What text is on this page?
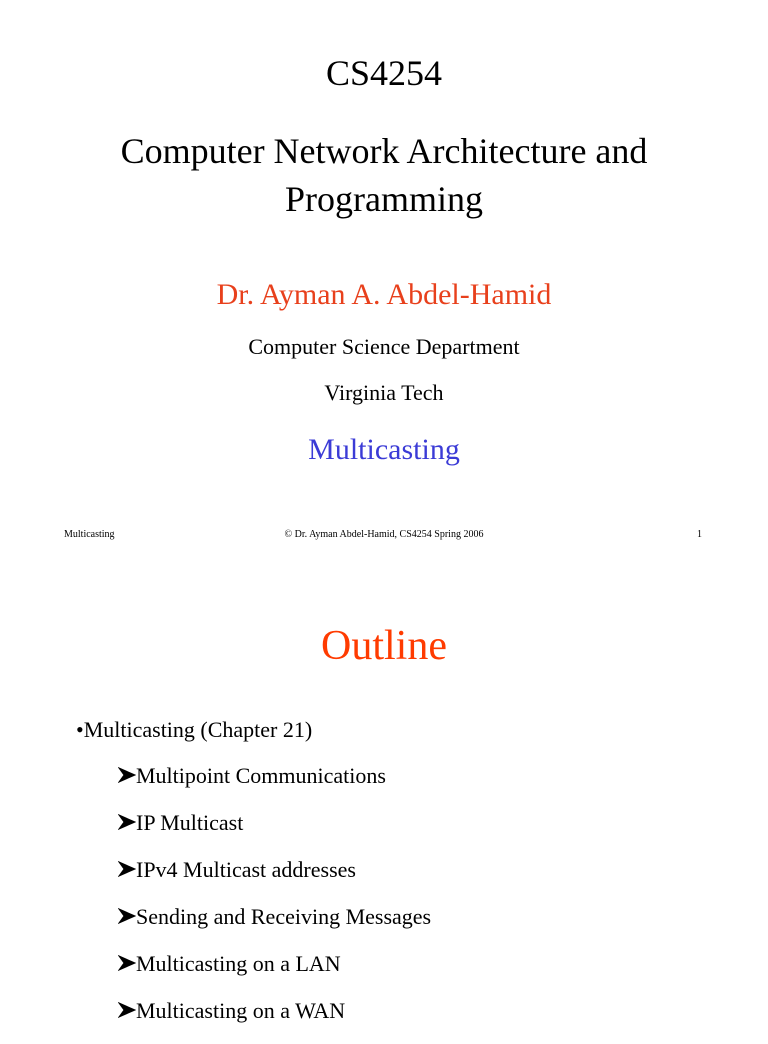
CS4254
Computer Network Architecture and
Programming
Dr. Ayman A. Abdel-Hamid
Computer Science Department
Virginia Tech
Multicasting
Multicasting	© Dr. Ayman Abdel-Hamid, CS4254 Spring 2006	1
Outline
•Multicasting (Chapter 21)
Multipoint Communications
IP Multicast
IPv4 Multicast addresses
Sending and Receiving Messages
Multicasting on a LAN
Multicasting on a WAN
